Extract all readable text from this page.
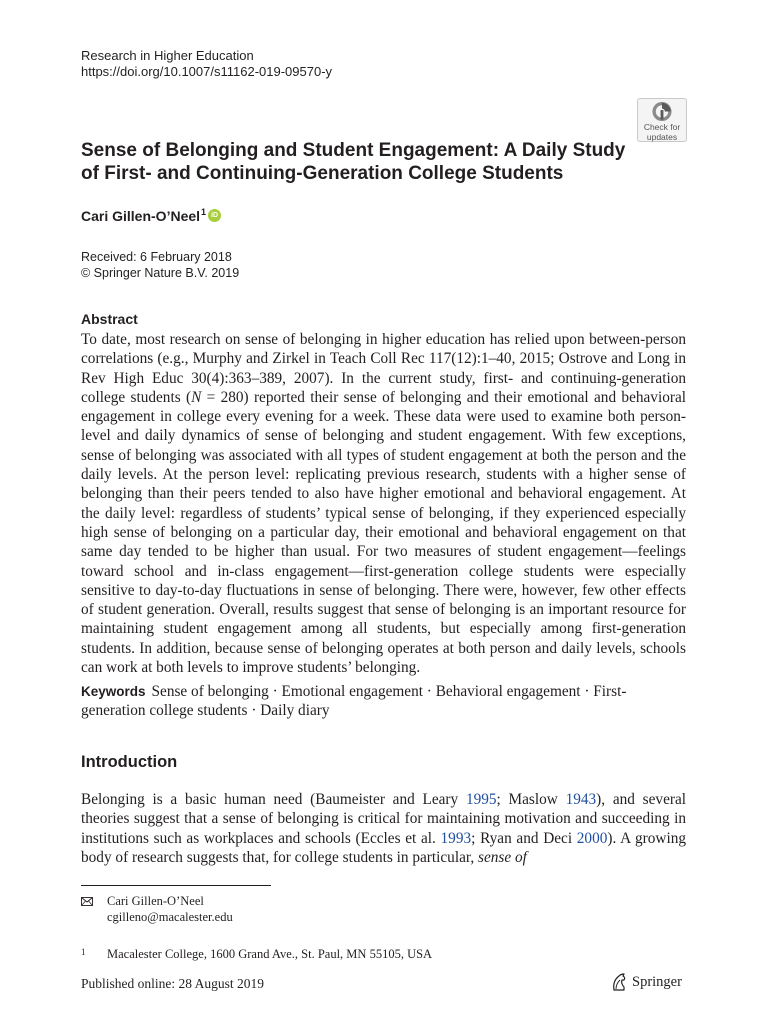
Research in Higher Education
https://doi.org/10.1007/s11162-019-09570-y
Check for
updates
Sense of Belonging and Student Engagement: A Daily Study of First- and Continuing-Generation College Students
Cari Gillen-O’Neel$^1$ iD
Received: 6 February 2018
© Springer Nature B.V. 2019
Abstract

To date, most research on sense of belonging in higher education has relied upon between-person correlations (e.g., Murphy and Zirkel in Teach Coll Rec 117(12):1–40, 2015; Ostrove and Long in Rev High Educ 30(4):363–389, 2007). In the current study, first- and continuing-generation college students (N = 280) reported their sense of belonging and their emotional and behavioral engagement in college every evening for a week. These data were used to examine both person-level and daily dynamics of sense of belonging and student engagement. With few exceptions, sense of belonging was associated with all types of student engagement at both the person and the daily levels. At the person level: replicating previous research, students with a higher sense of belonging than their peers tended to also have higher emotional and behavioral engagement. At the daily level: regardless of students’ typical sense of belonging, if they experienced especially high sense of belonging on a particular day, their emotional and behavioral engagement on that same day tended to be higher than usual. For two measures of student engagement—feelings toward school and in-class engagement—first-generation college students were especially sensitive to day-to-day fluctuations in sense of belonging. There were, however, few other effects of student generation. Overall, results suggest that sense of belonging is an important resource for maintaining student engagement among all students, but especially among first-generation students. In addition, because sense of belonging operates at both person and daily levels, schools can work at both levels to improve students’ belonging.

Keywords Sense of belonging · Emotional engagement · Behavioral engagement · First-generation college students · Daily diary

Introduction

Belonging is a basic human need (Baumeister and Leary 1995; Maslow 1943), and several theories suggest that a sense of belonging is critical for maintaining motivation and succeeding in institutions such as workplaces and schools (Eccles et al. 1993; Ryan and Deci 2000). A growing body of research suggests that, for college students in particular, sense of

Cari Gillen-O’Neel
cgilleno@macalester.edu
1	Macalester College, 1600 Grand Ave., St. Paul, MN 55105, USA
Published online: 28 August 2019	Springer
